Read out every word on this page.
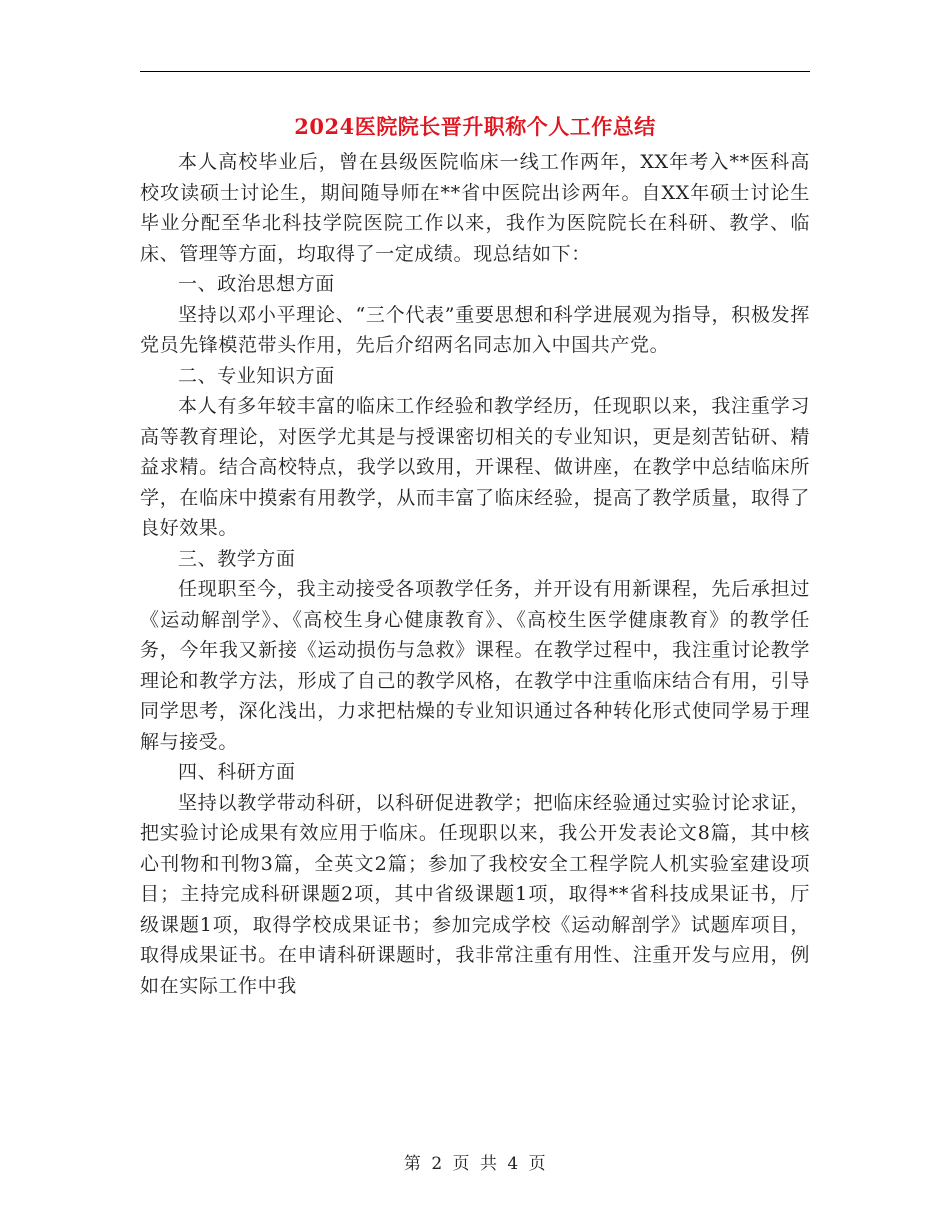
2024医院院长晋升职称个人工作总结

本人高校毕业后，曾在县级医院临床一线工作两年，XX年考入**医科高校攻读硕士讨论生，期间随导师在**省中医院出诊两年。自XX年硕士讨论生毕业分配至华北科技学院医院工作以来，我作为医院院长在科研、教学、临床、管理等方面，均取得了一定成绩。现总结如下：

一、政治思想方面

坚持以邓小平理论、“三个代表”重要思想和科学进展观为指导，积极发挥党员先锋模范带头作用，先后介绍两名同志加入中国共产党。

二、专业知识方面

本人有多年较丰富的临床工作经验和教学经历，任现职以来，我注重学习高等教育理论，对医学尤其是与授课密切相关的专业知识，更是刻苦钻研、精益求精。结合高校特点，我学以致用，开课程、做讲座，在教学中总结临床所学，在临床中摸索有用教学，从而丰富了临床经验，提高了教学质量，取得了良好效果。

三、教学方面

任现职至今，我主动接受各项教学任务，并开设有用新课程，先后承担过《运动解剖学》、《高校生身心健康教育》、《高校生医学健康教育》的教学任务，今年我又新接《运动损伤与急救》课程。在教学过程中，我注重讨论教学理论和教学方法，形成了自己的教学风格，在教学中注重临床结合有用，引导同学思考，深化浅出，力求把枯燥的专业知识通过各种转化形式使同学易于理解与接受。

四、科研方面

坚持以教学带动科研，以科研促进教学；把临床经验通过实验讨论求证，把实验讨论成果有效应用于临床。任现职以来，我公开发表论文8篇，其中核心刊物和刊物3篇，全英文2篇；参加了我校安全工程学院人机实验室建设项目；主持完成科研课题2项，其中省级课题1项，取得**省科技成果证书，厅级课题1项，取得学校成果证书；参加完成学校《运动解剖学》试题库项目，取得成果证书。在申请科研课题时，我非常注重有用性、注重开发与应用，例如在实际工作中我

第 2 页 共 4 页
